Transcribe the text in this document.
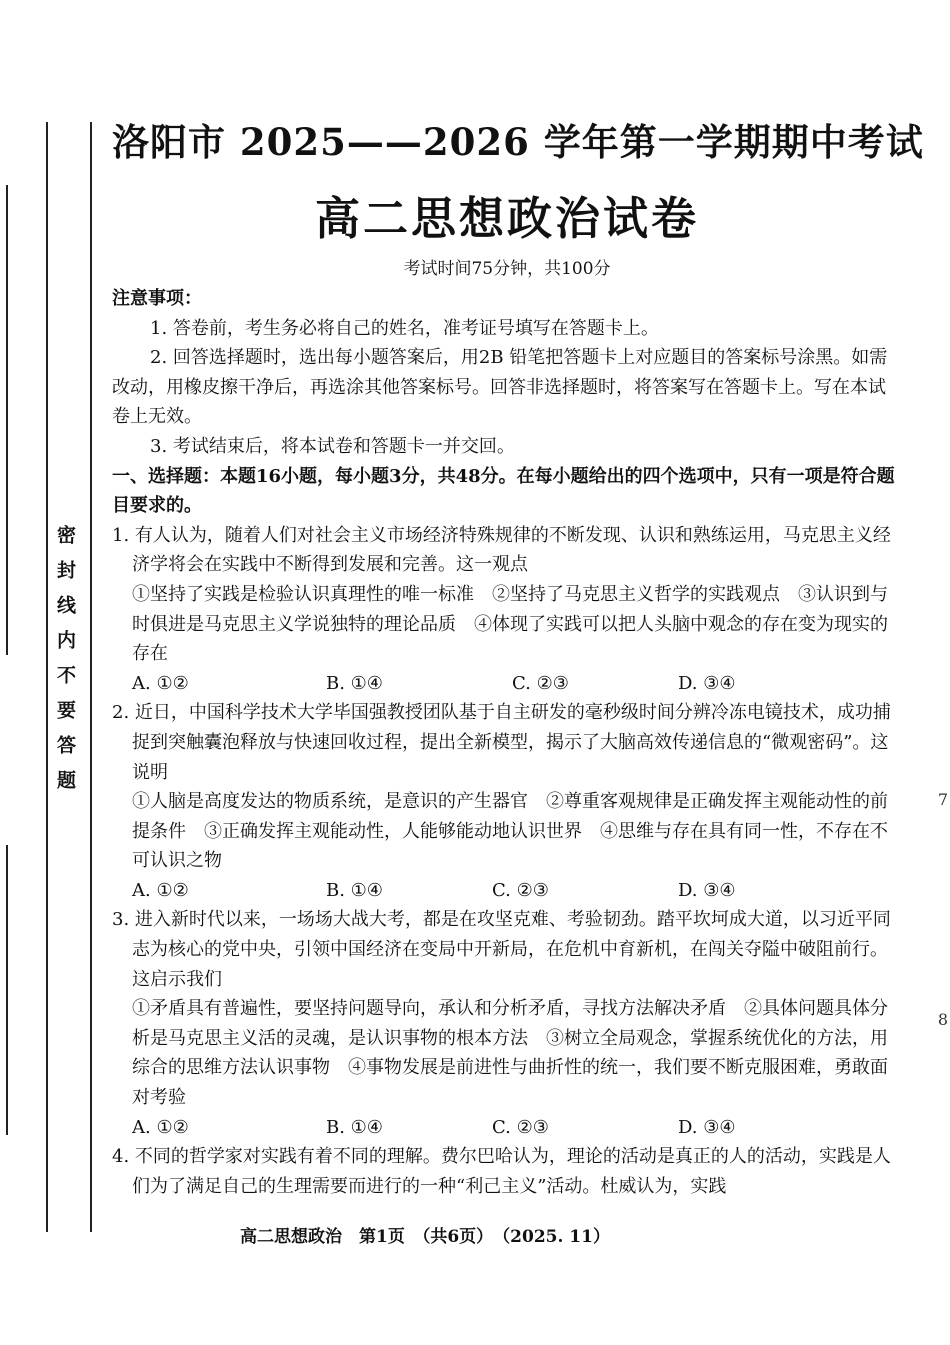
密封线内不要答题	7
8
洛阳市 2025——2026 学年第一学期期中考试
高二思想政治试卷
考试时间75分钟，共100分
注意事项：
1. 答卷前，考生务必将自己的姓名，准考证号填写在答题卡上。
2. 回答选择题时，选出每小题答案后，用2B 铅笔把答题卡上对应题目的答案标号涂黑。如需改动，用橡皮擦干净后，再选涂其他答案标号。回答非选择题时，将答案写在答题卡上。写在本试卷上无效。
3. 考试结束后，将本试卷和答题卡一并交回。
一、选择题：本题16小题，每小题3分，共48分。在每小题给出的四个选项中，只有一项是符合题目要求的。
1. 有人认为，随着人们对社会主义市场经济特殊规律的不断发现、认识和熟练运用，马克思主义经济学将会在实践中不断得到发展和完善。这一观点
①坚持了实践是检验认识真理性的唯一标准　②坚持了马克思主义哲学的实践观点　③认识到与时俱进是马克思主义学说独特的理论品质　④体现了实践可以把人头脑中观念的存在变为现实的存在
A. ①②	B. ①④	C. ②③	D. ③④
2. 近日，中国科学技术大学毕国强教授团队基于自主研发的毫秒级时间分辨冷冻电镜技术，成功捕捉到突触囊泡释放与快速回收过程，提出全新模型，揭示了大脑高效传递信息的“微观密码”。这说明
①人脑是高度发达的物质系统，是意识的产生器官　②尊重客观规律是正确发挥主观能动性的前提条件　③正确发挥主观能动性，人能够能动地认识世界　④思维与存在具有同一性，不存在不可认识之物
A. ①②	B. ①④	C. ②③	D. ③④
3. 进入新时代以来，一场场大战大考，都是在攻坚克难、考验韧劲。踏平坎坷成大道，以习近平同志为核心的党中央，引领中国经济在变局中开新局，在危机中育新机，在闯关夺隘中破阻前行。这启示我们
①矛盾具有普遍性，要坚持问题导向，承认和分析矛盾，寻找方法解决矛盾　②具体问题具体分析是马克思主义活的灵魂，是认识事物的根本方法　③树立全局观念，掌握系统优化的方法，用综合的思维方法认识事物　④事物发展是前进性与曲折性的统一，我们要不断克服困难，勇敢面对考验
A. ①②	B. ①④	C. ②③	D. ③④
4. 不同的哲学家对实践有着不同的理解。费尔巴哈认为，理论的活动是真正的人的活动，实践是人们为了满足自己的生理需要而进行的一种“利己主义”活动。杜威认为，实践
高二思想政治　第1页　（共6页）　（2025. 11）
